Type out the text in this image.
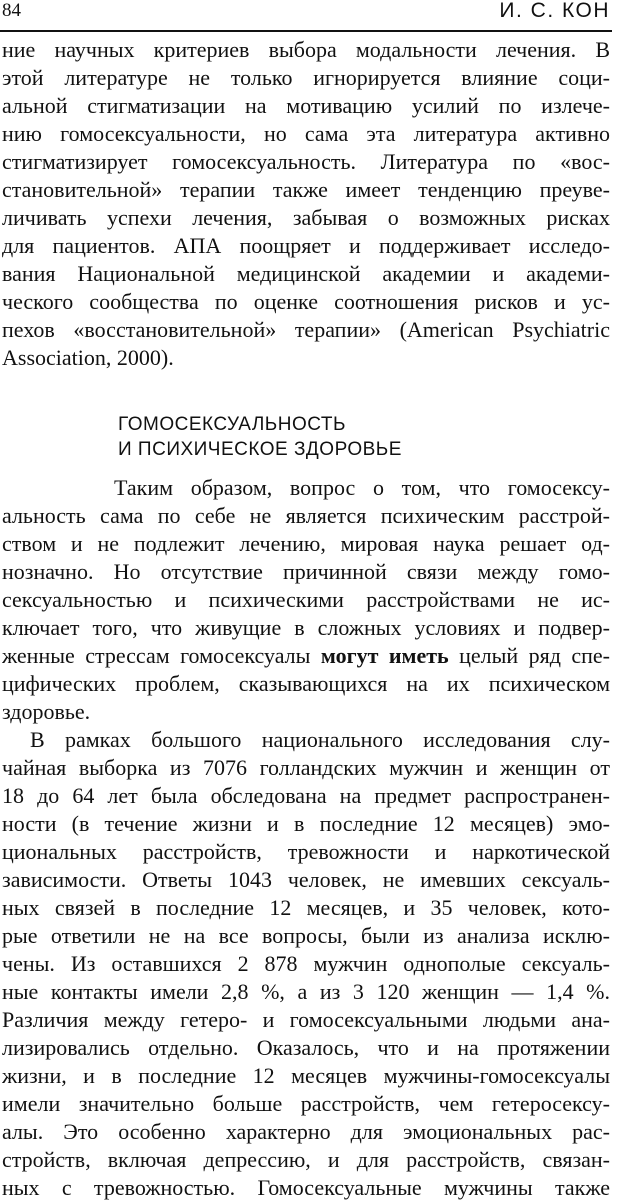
84	И. С. КОН
ние научных критериев выбора модальности лечения. В
этой литературе не только игнорируется влияние соци-
альной стигматизации на мотивацию усилий по излече-
нию гомосексуальности, но сама эта литература активно
стигматизирует гомосексуальность. Литература по «вос-
становительной» терапии также имеет тенденцию преуве-
личивать успехи лечения, забывая о возможных рисках
для пациентов. АПА поощряет и поддерживает исследо-
вания Национальной медицинской академии и академи-
ческого сообщества по оценке соотношения рисков и ус-
пехов «восстановительной» терапии» (American Psychiatric
Association, 2000).
ГОМОСЕКСУАЛЬНОСТЬ
И ПСИХИЧЕСКОЕ ЗДОРОВЬЕ
Таким образом, вопрос о том, что гомосексу-
альность сама по себе не является психическим расстрой-
ством и не подлежит лечению, мировая наука решает од-
нозначно. Но отсутствие причинной связи между гомо-
сексуальностью и психическими расстройствами не ис-
ключает того, что живущие в сложных условиях и подвер-
женные стрессам гомосексуалы могут иметь целый ряд спе-
цифических проблем, сказывающихся на их психическом
здоровье.
В рамках большого национального исследования слу-
чайная выборка из 7076 голландских мужчин и женщин от
18 до 64 лет была обследована на предмет распространен-
ности (в течение жизни и в последние 12 месяцев) эмо-
циональных расстройств, тревожности и наркотической
зависимости. Ответы 1043 человек, не имевших сексуаль-
ных связей в последние 12 месяцев, и 35 человек, кото-
рые ответили не на все вопросы, были из анализа исклю-
чены. Из оставшихся 2 878 мужчин однополые сексуаль-
ные контакты имели 2,8 %, а из 3 120 женщин — 1,4 %.
Различия между гетеро- и гомосексуальными людьми ана-
лизировались отдельно. Оказалось, что и на протяжении
жизни, и в последние 12 месяцев мужчины-гомосексуалы
имели значительно больше расстройств, чем гетеросексу-
алы. Это особенно характерно для эмоциональных рас-
стройств, включая депрессию, и для расстройств, связан-
ных с тревожностью. Гомосексуальные мужчины также
